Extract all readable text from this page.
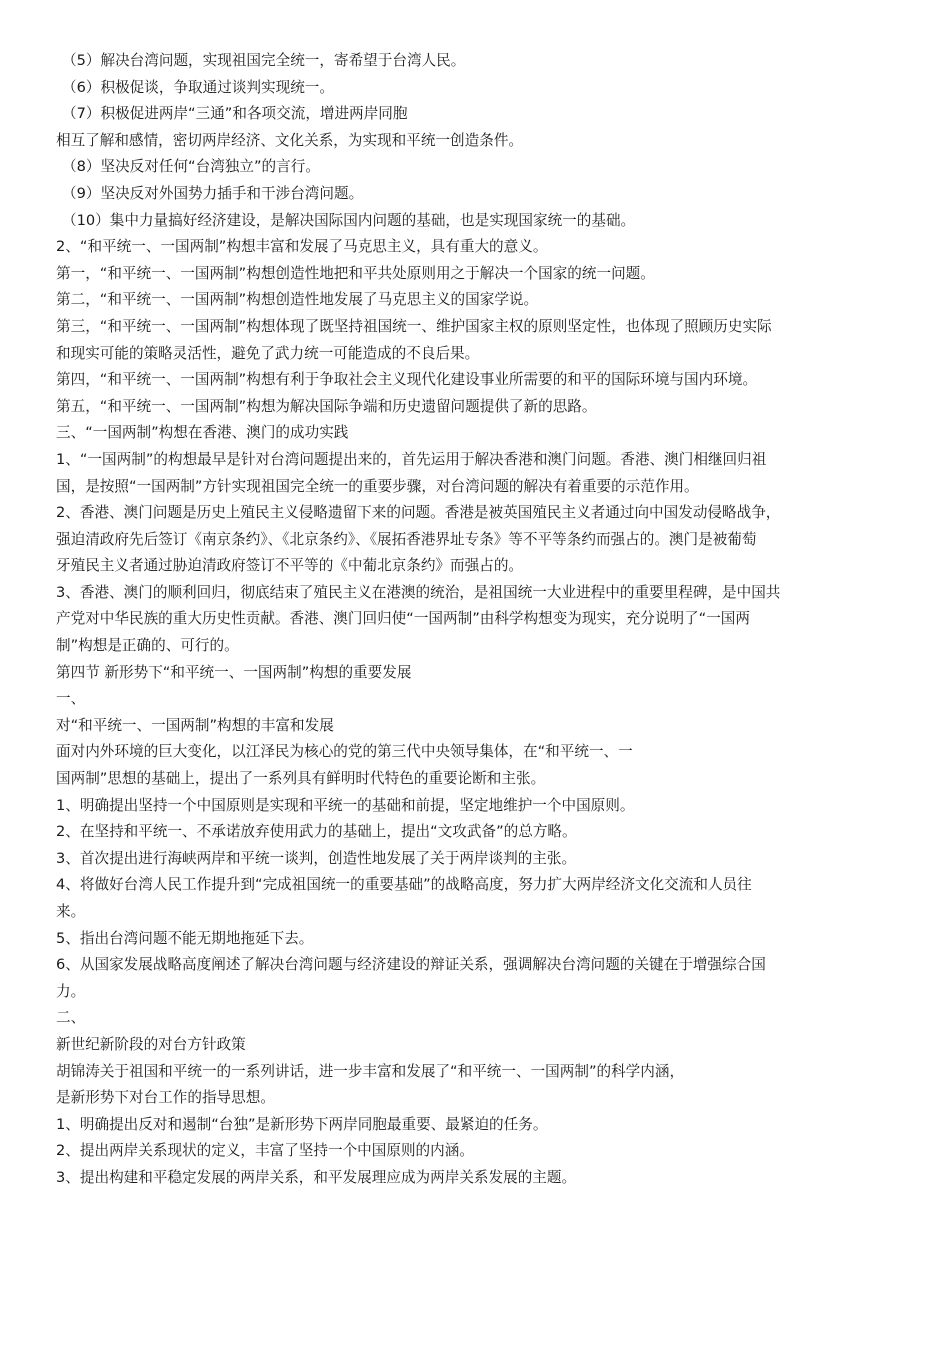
（5）解决台湾问题，实现祖国完全统一，寄希望于台湾人民。
（6）积极促谈，争取通过谈判实现统一。
（7）积极促进两岸“三通”和各项交流，增进两岸同胞
相互了解和感情，密切两岸经济、文化关系，为实现和平统一创造条件。
（8）坚决反对任何“台湾独立”的言行。
（9）坚决反对外国势力插手和干涉台湾问题。
（10）集中力量搞好经济建设，是解决国际国内问题的基础，也是实现国家统一的基础。
2、“和平统一、一国两制”构想丰富和发展了马克思主义，具有重大的意义。
第一，“和平统一、一国两制”构想创造性地把和平共处原则用之于解决一个国家的统一问题。
第二，“和平统一、一国两制”构想创造性地发展了马克思主义的国家学说。
第三，“和平统一、一国两制”构想体现了既坚持祖国统一、维护国家主权的原则坚定性，也体现了照顾历史实际
和现实可能的策略灵活性，避免了武力统一可能造成的不良后果。
第四，“和平统一、一国两制”构想有利于争取社会主义现代化建设事业所需要的和平的国际环境与国内环境。
第五，“和平统一、一国两制”构想为解决国际争端和历史遗留问题提供了新的思路。
三、“一国两制”构想在香港、澳门的成功实践
1、“一国两制”的构想最早是针对台湾问题提出来的，首先运用于解决香港和澳门问题。香港、澳门相继回归祖
国，是按照“一国两制”方针实现祖国完全统一的重要步骤，对台湾问题的解决有着重要的示范作用。
2、香港、澳门问题是历史上殖民主义侵略遗留下来的问题。香港是被英国殖民主义者通过向中国发动侵略战争，
强迫清政府先后签订《南京条约》、《北京条约》、《展拓香港界址专条》等不平等条约而强占的。澳门是被葡萄
牙殖民主义者通过胁迫清政府签订不平等的《中葡北京条约》而强占的。
3、香港、澳门的顺利回归，彻底结束了殖民主义在港澳的统治，是祖国统一大业进程中的重要里程碑，是中国共
产党对中华民族的重大历史性贡献。香港、澳门回归使“一国两制”由科学构想变为现实，充分说明了“一国两
制”构想是正确的、可行的。
第四节 新形势下“和平统一、一国两制”构想的重要发展
一、
对“和平统一、一国两制”构想的丰富和发展
面对内外环境的巨大变化，以江泽民为核心的党的第三代中央领导集体，在“和平统一、一
国两制”思想的基础上，提出了一系列具有鲜明时代特色的重要论断和主张。
1、明确提出坚持一个中国原则是实现和平统一的基础和前提，坚定地维护一个中国原则。
2、在坚持和平统一、不承诺放弃使用武力的基础上，提出“文攻武备”的总方略。
3、首次提出进行海峡两岸和平统一谈判，创造性地发展了关于两岸谈判的主张。
4、将做好台湾人民工作提升到“完成祖国统一的重要基础”的战略高度，努力扩大两岸经济文化交流和人员往
来。
5、指出台湾问题不能无期地拖延下去。
6、从国家发展战略高度阐述了解决台湾问题与经济建设的辩证关系，强调解决台湾问题的关键在于增强综合国
力。
二、
新世纪新阶段的对台方针政策
胡锦涛关于祖国和平统一的一系列讲话，进一步丰富和发展了“和平统一、一国两制”的科学内涵，
是新形势下对台工作的指导思想。
1、明确提出反对和遏制“台独”是新形势下两岸同胞最重要、最紧迫的任务。
2、提出两岸关系现状的定义，丰富了坚持一个中国原则的内涵。
3、提出构建和平稳定发展的两岸关系，和平发展理应成为两岸关系发展的主题。
